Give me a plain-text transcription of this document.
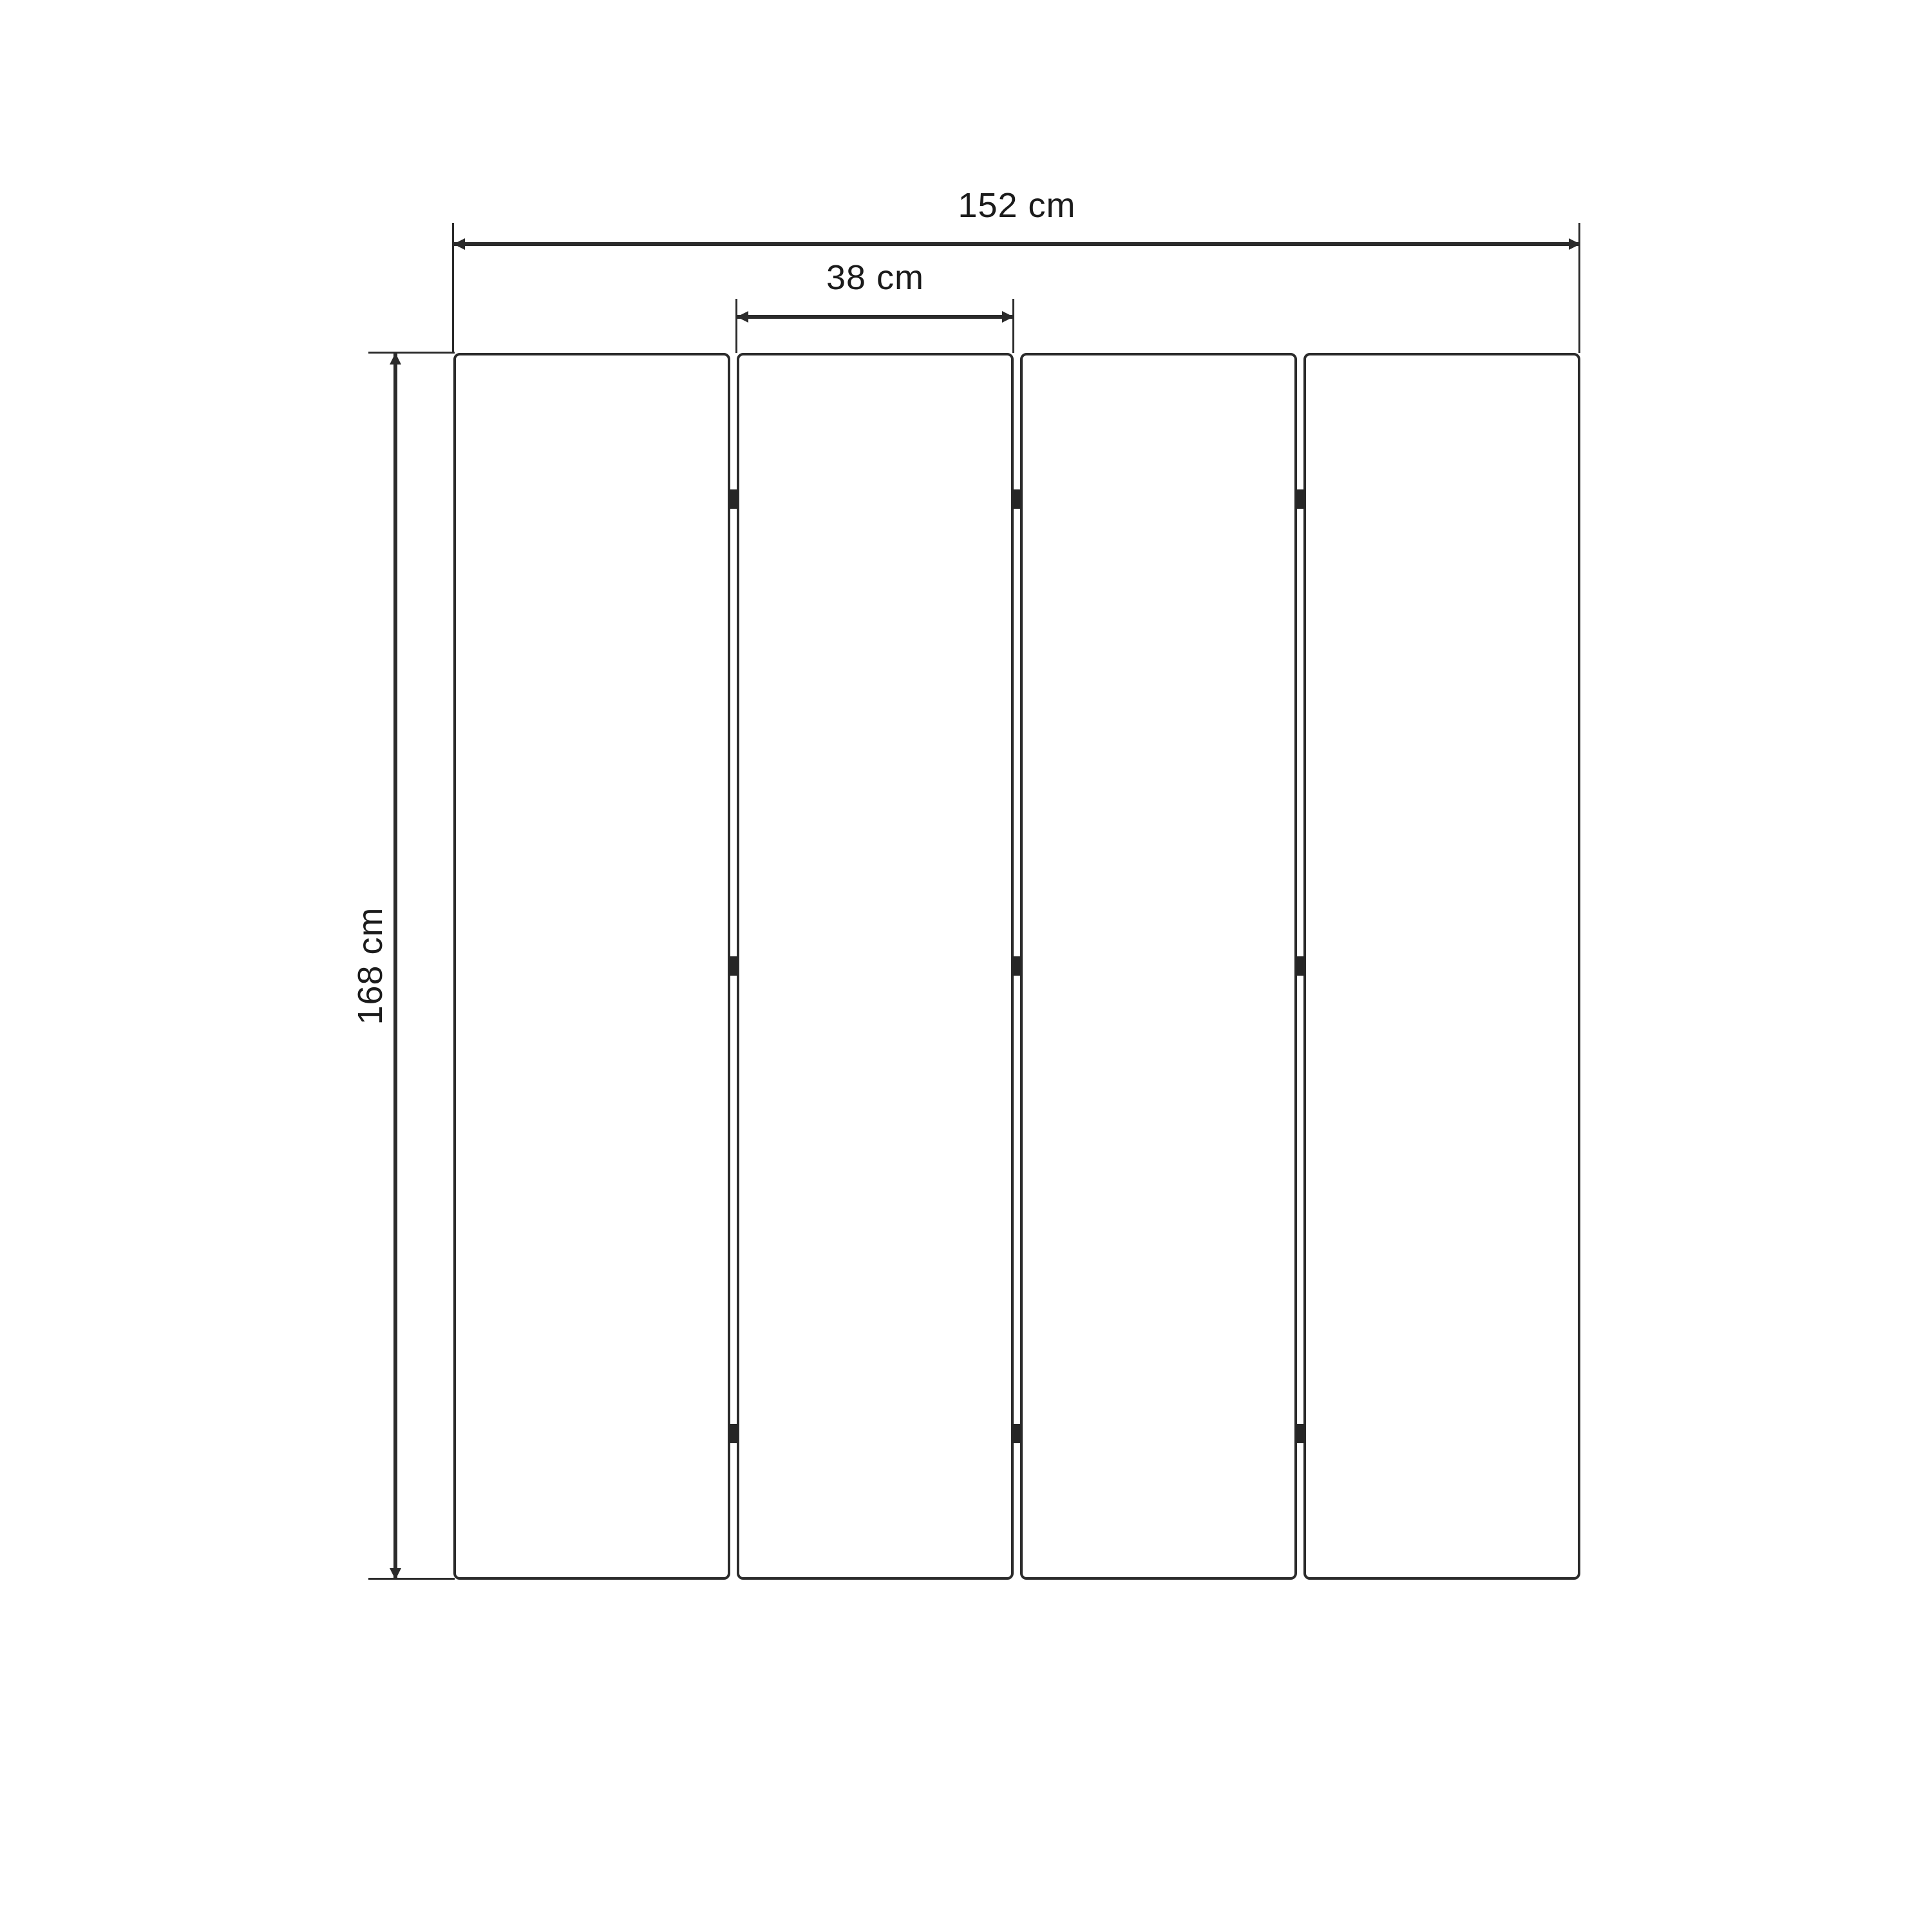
152 cm
38 cm
168 cm
